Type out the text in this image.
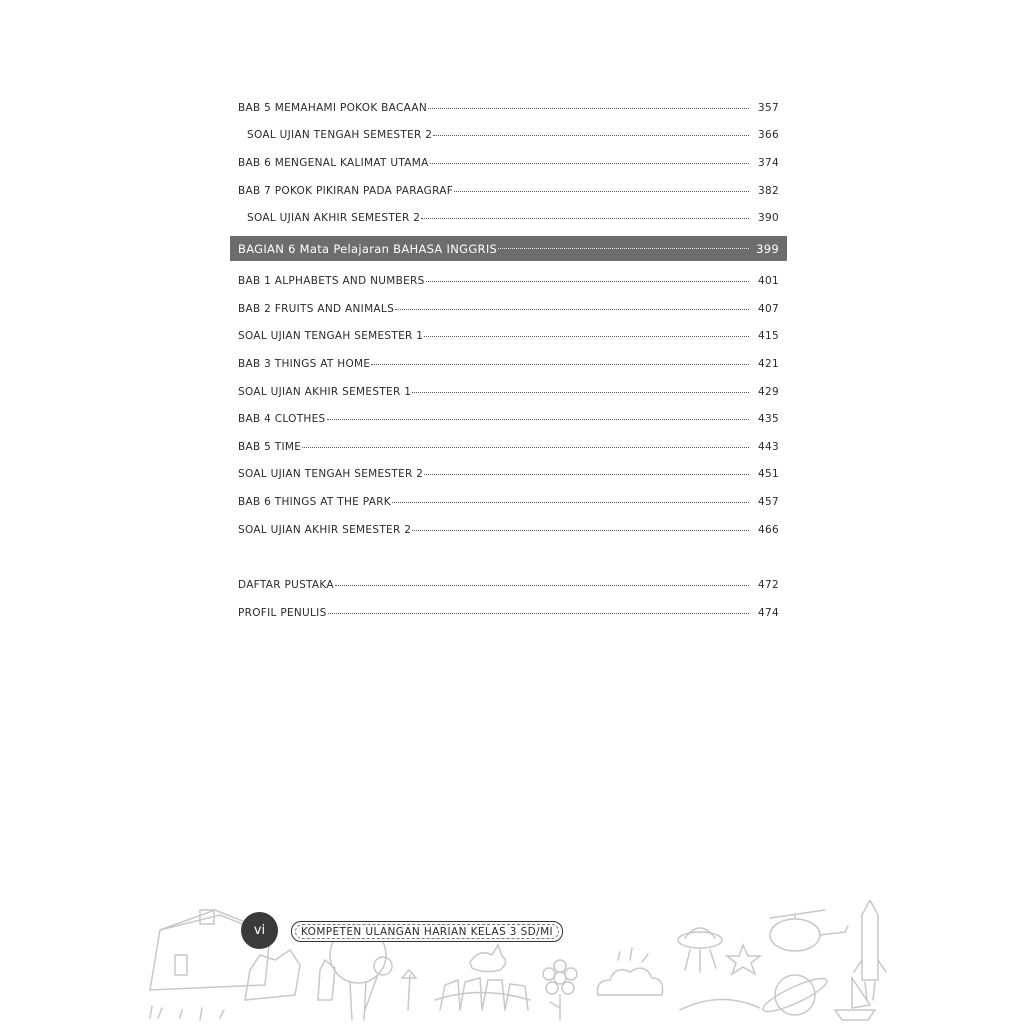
BAB 5 MEMAHAMI POKOK BACAAN	357
SOAL UJIAN TENGAH SEMESTER 2	366
BAB 6 MENGENAL KALIMAT UTAMA	374
BAB 7 POKOK PIKIRAN PADA PARAGRAF	382
SOAL UJIAN AKHIR SEMESTER 2	390
BAGIAN 6 Mata Pelajaran BAHASA INGGRIS	399
BAB 1 ALPHABETS AND NUMBERS	401
BAB 2 FRUITS AND ANIMALS	407
SOAL UJIAN TENGAH SEMESTER 1	415
BAB 3 THINGS AT HOME	421
SOAL UJIAN AKHIR SEMESTER 1	429
BAB 4 CLOTHES	435
BAB 5 TIME	443
SOAL UJIAN TENGAH SEMESTER 2	451
BAB 6 THINGS AT THE PARK	457
SOAL UJIAN AKHIR SEMESTER 2	466
DAFTAR PUSTAKA	472
PROFIL PENULIS	474
vi	KOMPETEN ULANGAN HARIAN KELAS 3 SD/MI
